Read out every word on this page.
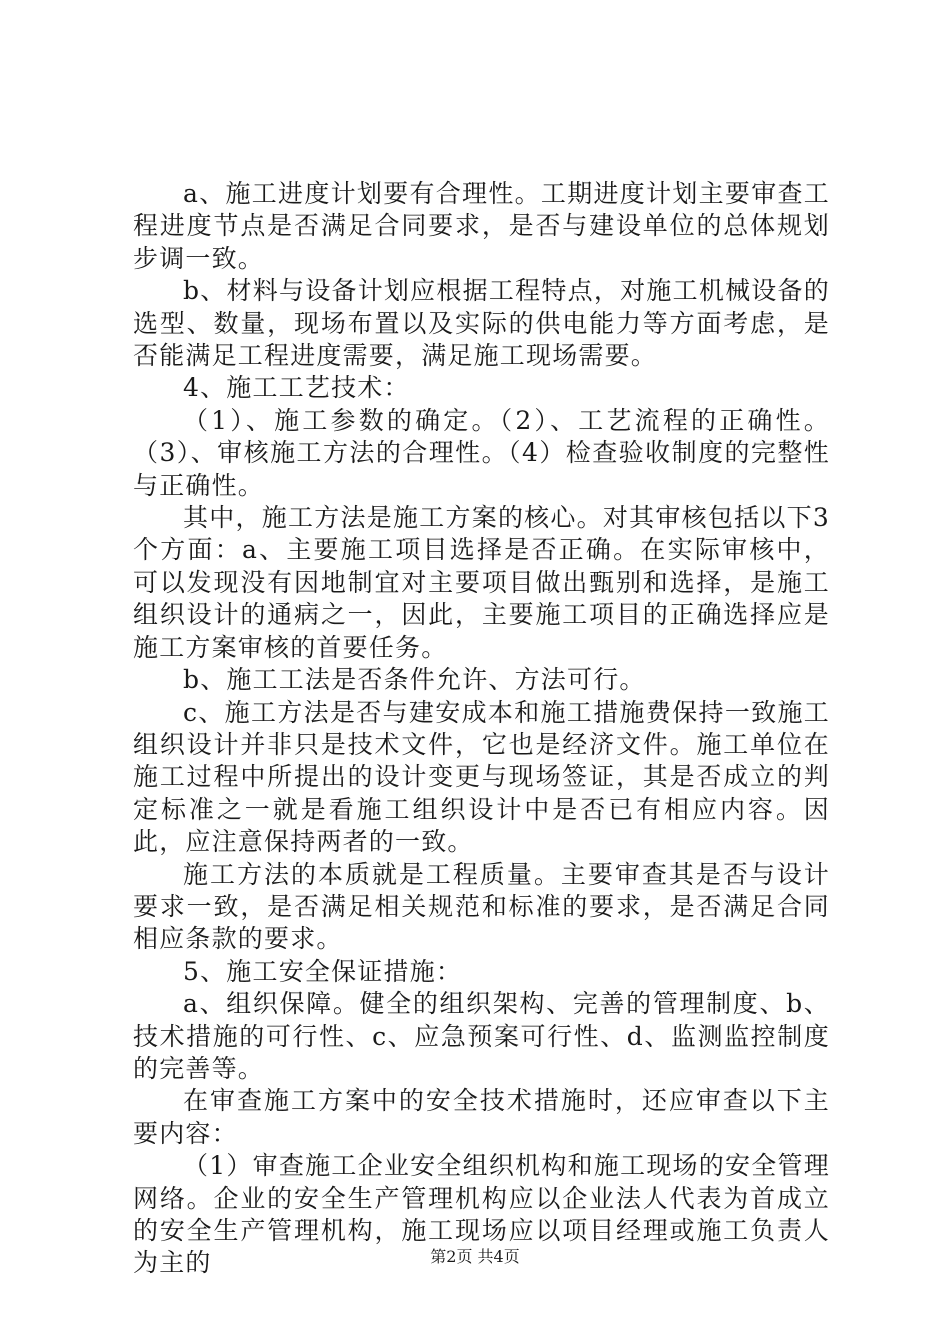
a、施工进度计划要有合理性。工期进度计划主要审查工程进度节点是否满足合同要求，是否与建设单位的总体规划步调一致。

b、材料与设备计划应根据工程特点，对施工机械设备的选型、数量，现场布置以及实际的供电能力等方面考虑，是否能满足工程进度需要，满足施工现场需要。

4、施工工艺技术：

（1）、施工参数的确定。（2）、工艺流程的正确性。（3）、审核施工方法的合理性。（4）检查验收制度的完整性与正确性。

其中，施工方法是施工方案的核心。对其审核包括以下3个方面：a、主要施工项目选择是否正确。在实际审核中，可以发现没有因地制宜对主要项目做出甄别和选择，是施工组织设计的通病之一，因此，主要施工项目的正确选择应是施工方案审核的首要任务。

b、施工工法是否条件允许、方法可行。

c、施工方法是否与建安成本和施工措施费保持一致施工组织设计并非只是技术文件，它也是经济文件。施工单位在施工过程中所提出的设计变更与现场签证，其是否成立的判定标准之一就是看施工组织设计中是否已有相应内容。因此，应注意保持两者的一致。

施工方法的本质就是工程质量。主要审查其是否与设计要求一致，是否满足相关规范和标准的要求，是否满足合同相应条款的要求。

5、施工安全保证措施：

a、组织保障。健全的组织架构、完善的管理制度、b、技术措施的可行性、c、应急预案可行性、d、监测监控制度的完善等。

在审查施工方案中的安全技术措施时，还应审查以下主要内容：

（1）审查施工企业安全组织机构和施工现场的安全管理网络。企业的安全生产管理机构应以企业法人代表为首成立的安全生产管理机构，施工现场应以项目经理或施工负责人为主的	第2页 共4页
